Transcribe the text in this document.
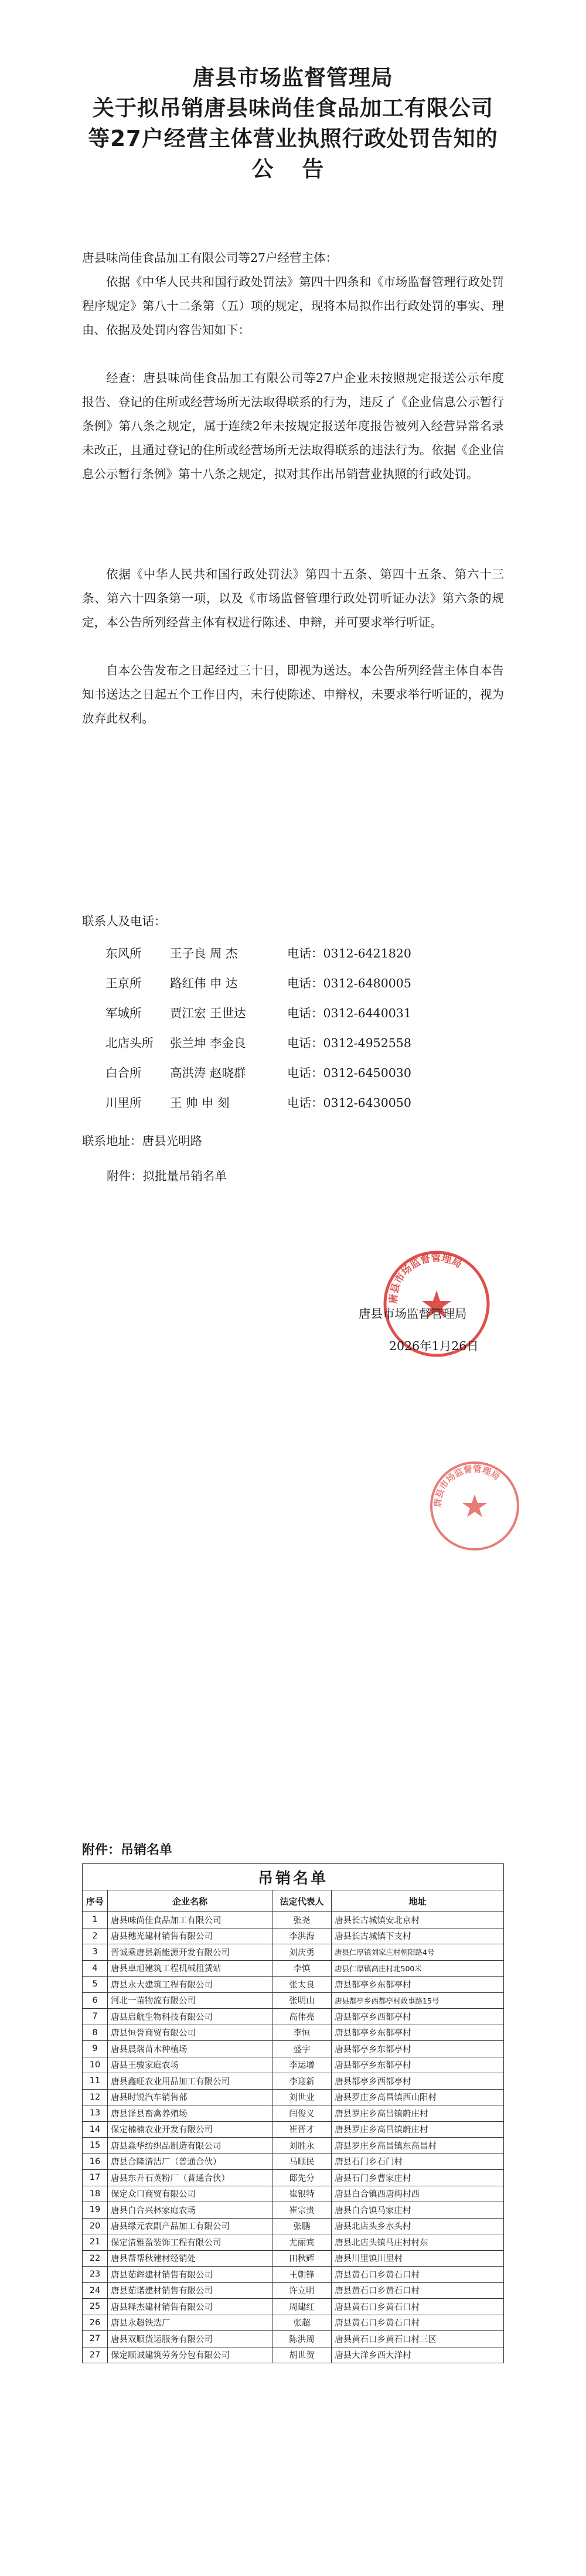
唐县市场监督管理局
关于拟吊销唐县味尚佳食品加工有限公司
等27户经营主体营业执照行政处罚告知的
公 告
唐县味尚佳食品加工有限公司等27户经营主体：
依据《中华人民共和国行政处罚法》第四十四条和《市场监督管理行政处罚程序规定》第八十二条第（五）项的规定，现将本局拟作出行政处罚的事实、理由、依据及处罚内容告知如下：
经查：唐县味尚佳食品加工有限公司等27户企业未按照规定报送公示年度报告、登记的住所或经营场所无法取得联系的行为，违反了《企业信息公示暂行条例》第八条之规定，属于连续2年未按规定报送年度报告被列入经营异常名录未改正，且通过登记的住所或经营场所无法取得联系的违法行为。依据《企业信息公示暂行条例》第十八条之规定，拟对其作出吊销营业执照的行政处罚。
依据《中华人民共和国行政处罚法》第四十五条、第四十五条、第六十三条、第六十四条第一项，以及《市场监督管理行政处罚听证办法》第六条的规定，本公告所列经营主体有权进行陈述、申辩，并可要求举行听证。
自本公告发布之日起经过三十日，即视为送达。本公告所列经营主体自本告知书送达之日起五个工作日内，未行使陈述、申辩权，未要求举行听证的，视为放弃此权利。
联系人及电话：
东风所 王子良 周 杰	电话：0312-6421820
王京所 路红伟 申 达	电话：0312-6480005
军城所 贾江宏 王世达	电话：0312-6440031
北店头所 张兰坤 李金良	电话：0312-4952558
白合所 高洪涛 赵晓群	电话：0312-6450030
川里所 王 帅 申 刻	电话：0312-6430050
联系地址：唐县光明路
附件：拟批量吊销名单
唐县市场监督管理局
唐县市场监督管理局
2026年1月26日
唐县市场监督管理局
附件：吊销名单
吊销名单			
序号	企业名称	法定代表人	地址
1	唐县味尚佳食品加工有限公司	张尧	唐县长古城镇安北京村
2	唐县穗光建材销售有限公司	李洪海	唐县长古城镇下支村
3	晋诚乘唐县新能源开发有限公司	刘庆勇	唐县仁厚镇刘家庄村朝阳路4号
4	唐县卓旭建筑工程机械租赁站	李慎	唐县仁厚镇高庄村北500米
5	唐县永大建筑工程有限公司	张太良	唐县都亭乡东都亭村
6	河北一苗物流有限公司	张明山	唐县都亭乡西都亭村政事路15号
7	唐县启航生物科技有限公司	高伟亮	唐县都亭乡西都亭村
8	唐县恒誉商贸有限公司	李恒	唐县都亭乡东都亭村
9	唐县晨瑞苗木种植场	盛宇	唐县都亭乡东都亭村
10	唐县王骏家庭农场	李运增	唐县都亭乡东都亭村
11	唐县鑫旺农业用品加工有限公司	李迎新	唐县都亭乡西都亭村
12	唐县时锐汽车销售部	刘世业	唐县罗庄乡高昌镇西山阳村
13	唐县泽县畜禽养殖场	闫俊义	唐县罗庄乡高昌镇蔚庄村
14	保定楠楠农业开发有限公司	崔晋才	唐县罗庄乡高昌镇蔚庄村
15	唐县淼华纺织品制造有限公司	刘胜永	唐县罗庄乡高昌镇东高昌村
16	唐县合隆清洁厂（普通合伙）	马顺民	唐县石门乡石门村
17	唐县东升石英粉厂（普通合伙）	邸先分	唐县石门乡曹家庄村
18	保定众口商贸有限公司	崔银特	唐县白合镇西唐梅村西
19	唐县白合兴林家庭农场	崔宗贵	唐县白合镇马家庄村
20	唐县绿元农副产品加工有限公司	张鹏	唐县北店头乡水头村
21	保定清雅盈装饰工程有限公司	尤丽宾	唐县北店头镇马庄村村东
22	唐县帮帮秋建材经销处	田秋辉	唐县川里镇川里村
23	唐县茹辉建材销售有限公司	王朝锋	唐县黄石口乡黄石口村
24	唐县茹诺建材销售有限公司	许立明	唐县黄石口乡黄石口村
25	唐县释杰建材销售有限公司	周建红	唐县黄石口乡黄石口村
26	唐县永超铁选厂	张超	唐县黄石口乡黄石口村
27	唐县双顺货运服务有限公司	陈洪周	唐县黄石口乡黄石口村三区
27	保定顺诚建筑劳务分包有限公司	胡世贺	唐县大洋乡西大洋村
